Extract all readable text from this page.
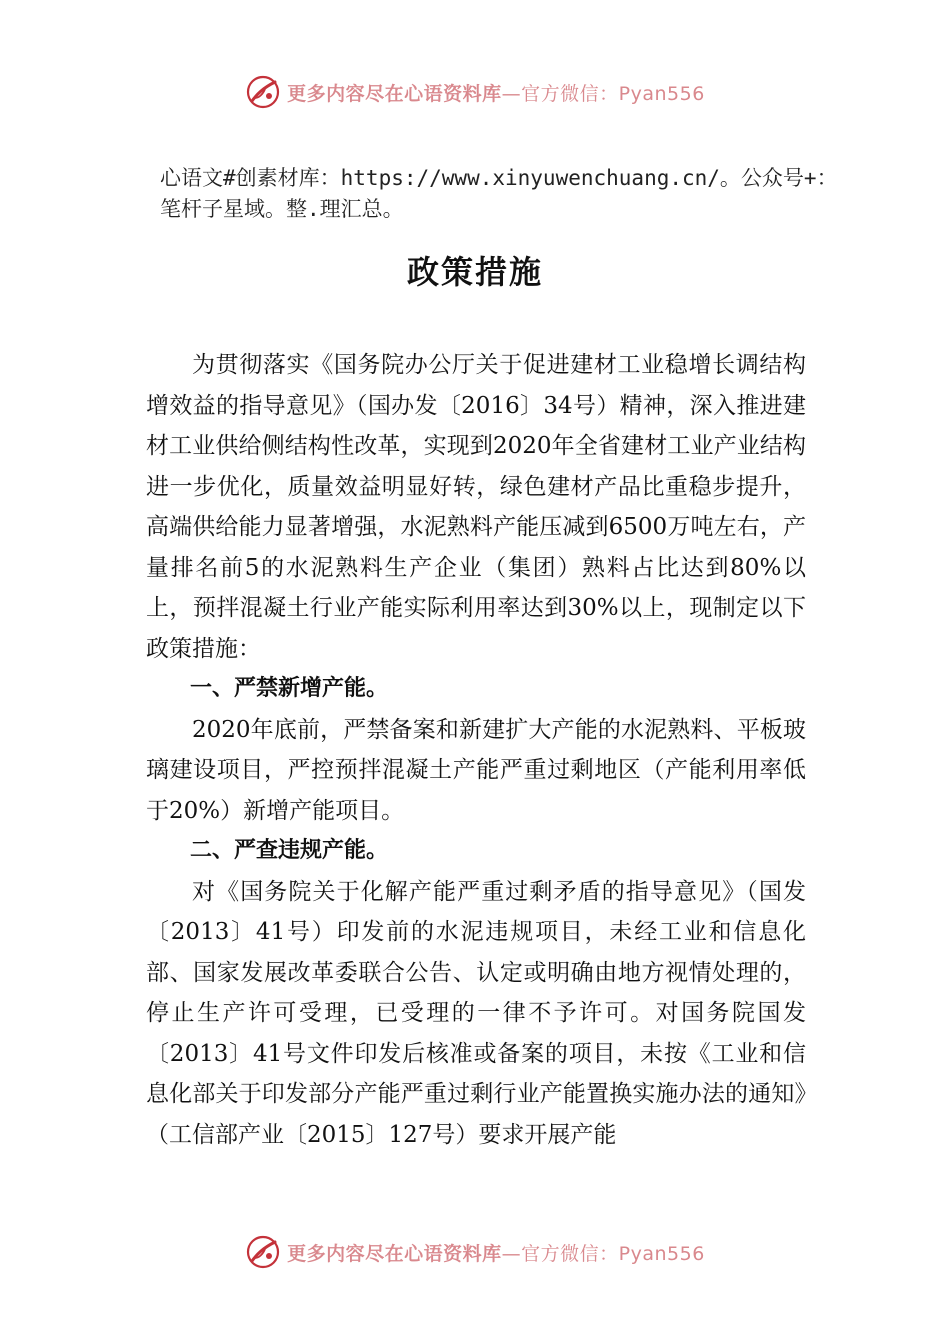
更多内容尽在心语资料库—官方微信：Pyan556
心语文#创素材库：https://www.xinyuwenchuang.cn/。公众号+：笔杆子星域。整.理汇总。
政策措施

为贯彻落实《国务院办公厅关于促进建材工业稳增长调结构增效益的指导意见》（国办发〔2016〕34号）精神，深入推进建材工业供给侧结构性改革，实现到2020年全省建材工业产业结构进一步优化，质量效益明显好转，绿色建材产品比重稳步提升，高端供给能力显著增强，水泥熟料产能压减到6500万吨左右，产量排名前5的水泥熟料生产企业（集团）熟料占比达到80%以上，预拌混凝土行业产能实际利用率达到30%以上，现制定以下政策措施：

一、严禁新增产能。

2020年底前，严禁备案和新建扩大产能的水泥熟料、平板玻璃建设项目，严控预拌混凝土产能严重过剩地区（产能利用率低于20%）新增产能项目。

二、严查违规产能。

对《国务院关于化解产能严重过剩矛盾的指导意见》（国发〔2013〕41号）印发前的水泥违规项目，未经工业和信息化部、国家发展改革委联合公告、认定或明确由地方视情处理的，停止生产许可受理，已受理的一律不予许可。对国务院国发〔2013〕41号文件印发后核准或备案的项目，未按《工业和信息化部关于印发部分产能严重过剩行业产能置换实施办法的通知》（工信部产业〔2015〕127号）要求开展产能

更多内容尽在心语资料库—官方微信：Pyan556
